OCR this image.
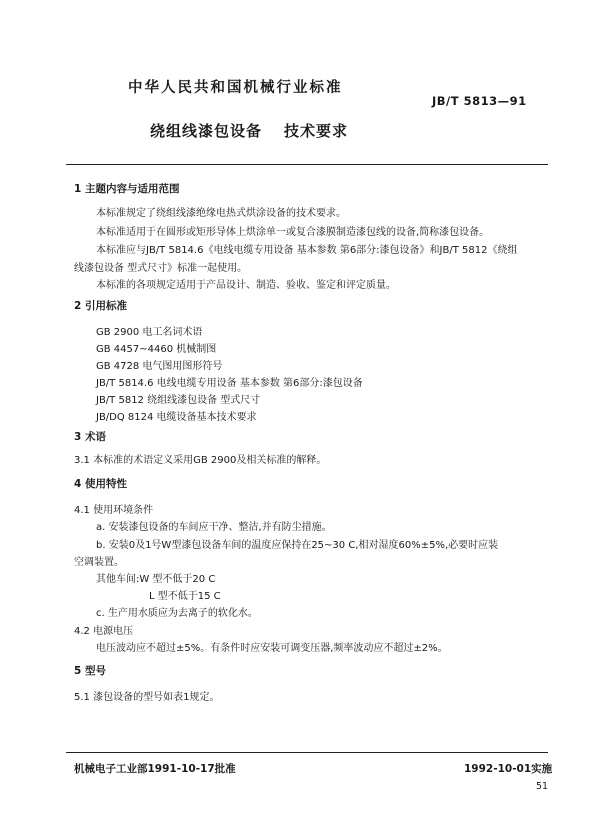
中华人民共和国机械行业标准
JB/T 5813—91
绕组线漆包设备 技术要求
1 主题内容与适用范围
本标准规定了绕组线漆绝缘电热式烘涂设备的技术要求。
本标准适用于在圆形或矩形导体上烘涂单一或复合漆膜制造漆包线的设备,简称漆包设备。
本标准应与JB/T 5814.6《电线电缆专用设备 基本参数 第6部分:漆包设备》和JB/T 5812《绕组
线漆包设备 型式尺寸》标准一起使用。
本标准的各项规定适用于产品设计、制造、验收、鉴定和评定质量。
2 引用标准
GB 2900 电工名词术语
GB 4457~4460 机械制图
GB 4728 电气图用图形符号
JB/T 5814.6 电线电缆专用设备 基本参数 第6部分:漆包设备
JB/T 5812 绕组线漆包设备 型式尺寸
JB/DQ 8124 电缆设备基本技术要求
3 术语
3.1 本标准的术语定义采用GB 2900及相关标准的解释。
4 使用特性
4.1 使用环境条件
a. 安装漆包设备的车间应干净、整洁,并有防尘措施。
b. 安装0及1号W型漆包设备车间的温度应保持在25~30 C,相对湿度60%±5%,必要时应装
空调装置。
其他车间:W 型不低于20 C
L 型不低于15 C
c. 生产用水质应为去离子的软化水。
4.2 电源电压
电压波动应不超过±5%。有条件时应安装可调变压器,频率波动应不超过±2%。
5 型号
5.1 漆包设备的型号如表1规定。
机械电子工业部1991-10-17批准	1992-10-01实施
51
